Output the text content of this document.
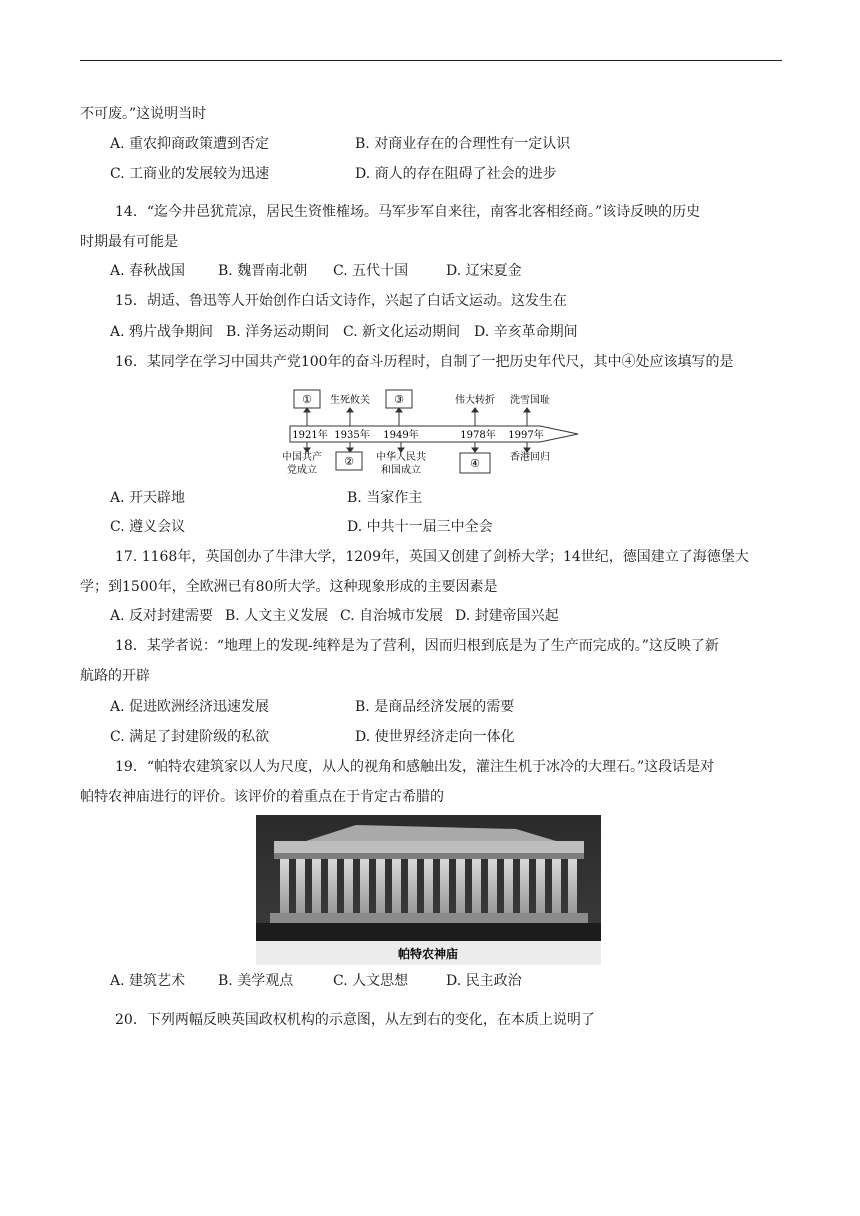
不可废。”这说明当时
A. 重农抑商政策遭到否定	B. 对商业存在的合理性有一定认识
C. 工商业的发展较为迅速	D. 商人的存在阻碍了社会的进步
14．“迄今井邑犹荒凉，居民生资惟榷场。马军步军自来往，南客北客相经商。”该诗反映的历史
时期最有可能是
A. 春秋战国 B. 魏晋南北朝 C. 五代十国	D. 辽宋夏金
15．胡适、鲁迅等人开始创作白话文诗作，兴起了白话文运动。这发生在
A. 鸦片战争期间 B. 洋务运动期间 C. 新文化运动期间 D. 辛亥革命期间
16．某同学在学习中国共产党100年的奋斗历程时，自制了一把历史年代尺，其中④处应该填写的是
① 生死攸关 ③	伟大转折 洗雪国耻
1921年 1935年 1949年	1978年 1997年
中国共产
党成立
② 中华人民共
和国成立
④	香港回归
A. 开天辟地	B. 当家作主
C. 遵义会议	D. 中共十一届三中全会
17. 1168年，英国创办了牛津大学，1209年，英国又创建了剑桥大学；14世纪，德国建立了海德堡大
学；到1500年，全欧洲已有80所大学。这种现象形成的主要因素是
A. 反对封建需要 B. 人文主义发展 C. 自治城市发展 D. 封建帝国兴起
18．某学者说：“地理上的发现-纯粹是为了营利，因而归根到底是为了生产而完成的。”这反映了新
航路的开辟
A. 促进欧洲经济迅速发展	B. 是商品经济发展的需要
C. 满足了封建阶级的私欲	D. 使世界经济走向一体化
19．“帕特农建筑家以人为尺度，从人的视角和感触出发，灌注生机于冰冷的大理石。”这段话是对
帕特农神庙进行的评价。该评价的着重点在于肯定古希腊的
帕特农神庙
A. 建筑艺术 B. 美学观点	C. 人文思想	D. 民主政治
20．下列两幅反映英国政权机构的示意图，从左到右的变化，在本质上说明了
